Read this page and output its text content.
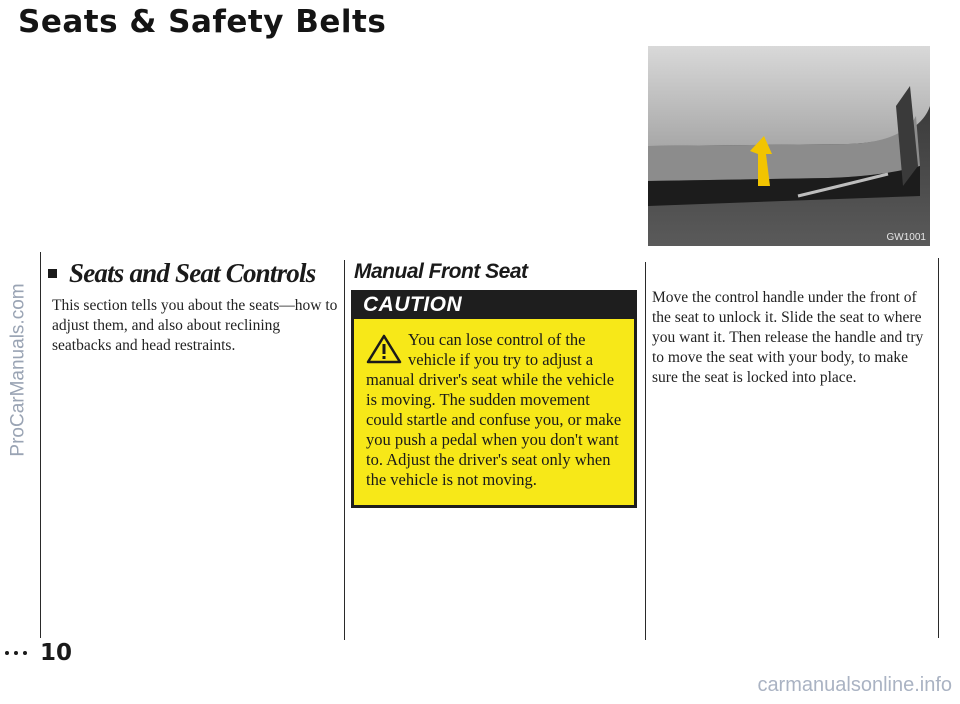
Seats & Safety Belts
ProCarManuals.com
GW1001
Seats and Seat Controls
This section tells you about the seats—how to adjust them, and also about reclining seatbacks and head restraints.
Manual Front Seat
CAUTION
You can lose control of the
vehicle if you try to adjust a manual driver's seat while the vehicle is moving. The sudden movement could startle and confuse you, or make you push a pedal when you don't want to. Adjust the driver's seat only when the vehicle is not moving.
Move the control handle under the front of the seat to unlock it. Slide the seat to where you want it. Then release the handle and try to move the seat with your body, to make sure the seat is locked into place.
10
carmanualsonline.info
